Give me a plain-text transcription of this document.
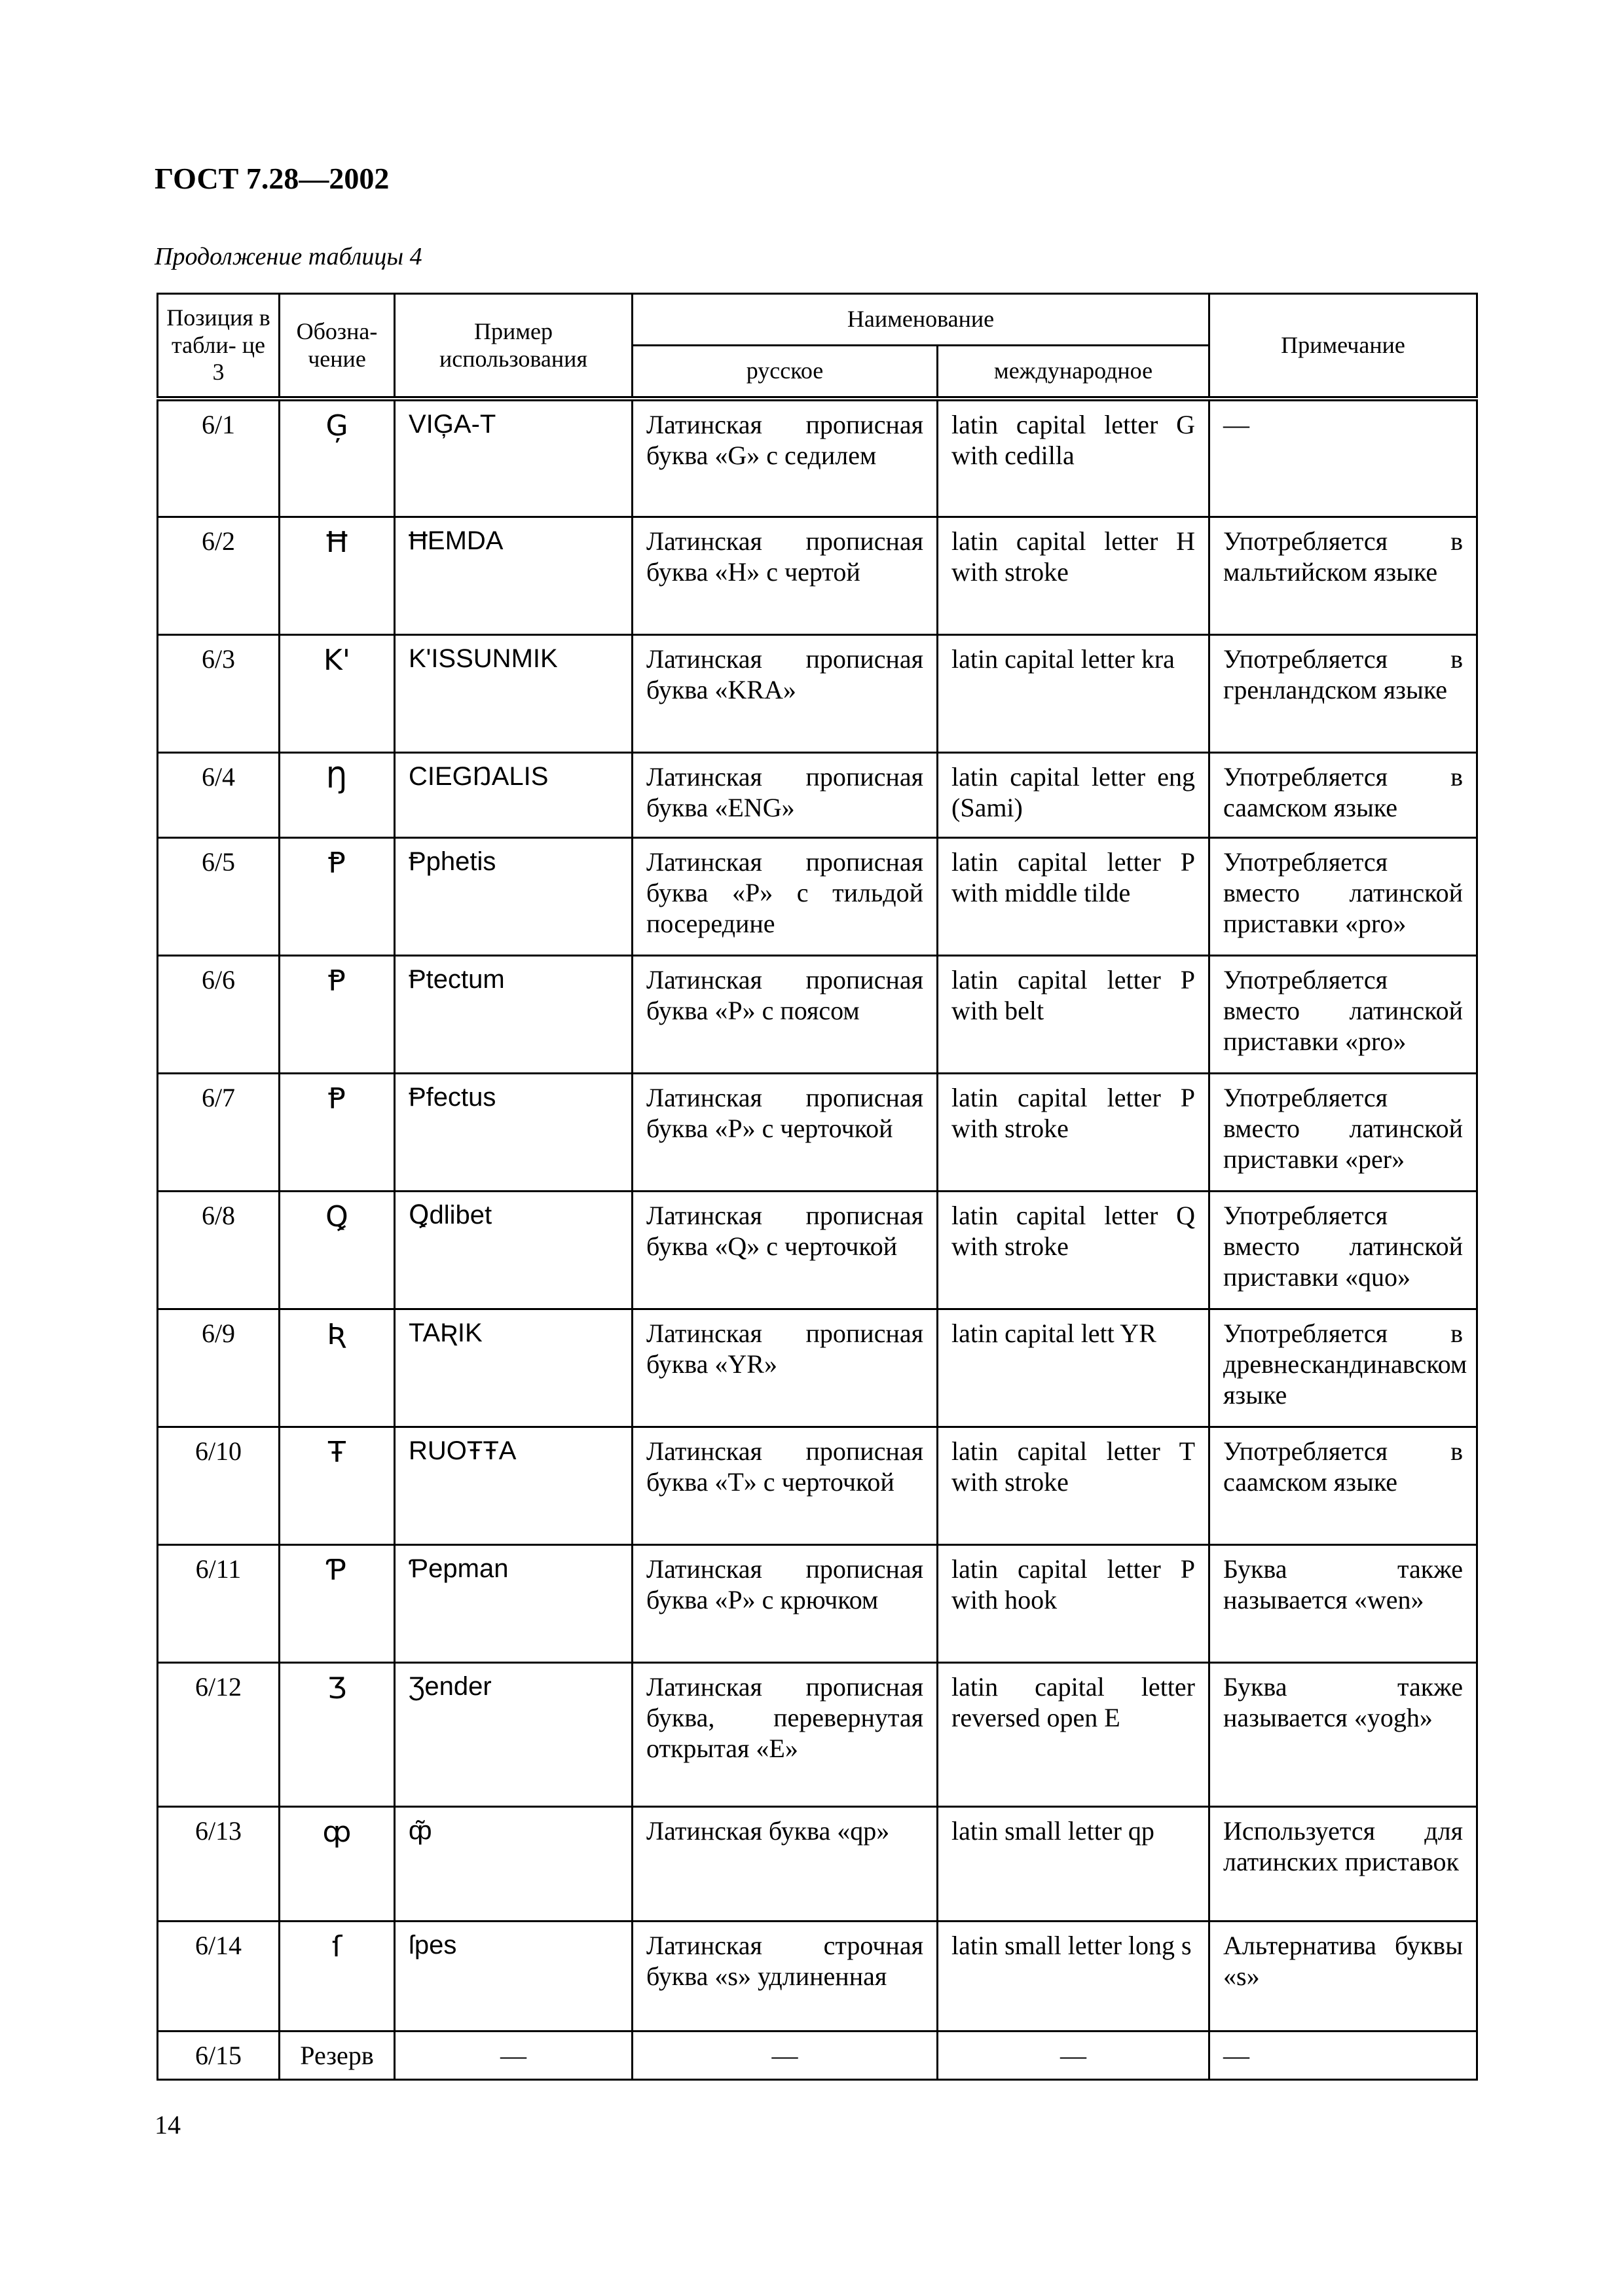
ГОСТ 7.28—2002
Продолжение таблицы 4
Позиция в табли- це 3	Обозна- чение	Пример использования	Наименование		Примечание
			русское	международное	
6/1	Ģ	VIĢA-T	Латинская прописная буква «G» с седилем	latin capital letter G with cedilla	—
6/2	Ħ	ĦEMDA	Латинская прописная буква «H» с чертой	latin capital letter H with stroke	Употребляется в мальтийском языке
6/3	K'	K'ISSUNMIK	Латинская прописная буква «KRA»	latin capital letter kra	Употребляется в гренландском языке
6/4	Ŋ	CIEGŊALIS	Латинская прописная буква «ENG»	latin capital letter eng (Sami)	Употребляется в саамском языке
6/5	Ᵽ	Ᵽphetis	Латинская прописная буква «P» с тильдой посередине	latin capital letter P with middle tilde	Употребляется вместо латинской приставки «pro»
6/6	Ᵽ	Ᵽtectum	Латинская прописная буква «P» с поясом	latin capital letter P with belt	Употребляется вместо латинской приставки «pro»
6/7	Ᵽ	Ᵽfectus	Латинская прописная буква «P» с черточкой	latin capital letter P with stroke	Употребляется вместо латинской приставки «per»
6/8	Ꝗ	Ꝗdlibet	Латинская прописная буква «Q» с черточкой	latin capital letter Q with stroke	Употребляется вместо латинской приставки «quo»
6/9	Ʀ	TAƦIK	Латинская прописная буква «YR»	latin capital lett YR	Употребляется в древнескандинавском языке
6/10	Ŧ	RUOŦŦA	Латинская прописная буква «T» с черточкой	latin capital letter T with stroke	Употребляется в саамском языке
6/11	Ƥ	Ƥepman	Латинская прописная буква «P» с крючком	latin capital letter P with hook	Буква также называется «wen»
6/12	Ʒ	Ʒender	Латинская прописная буква, перевернутая открытая «E»	latin capital letter reversed open E	Буква также называется «yogh»
6/13	ȹ	ȹ̃	Латинская буква «qp»	latin small letter qp	Используется для латинских приставок
6/14	ſ	ſpes	Латинская строчная буква «s» удлиненная	latin small letter long s	Альтернатива буквы «s»
6/15	Резерв	—	—	—	—
14
